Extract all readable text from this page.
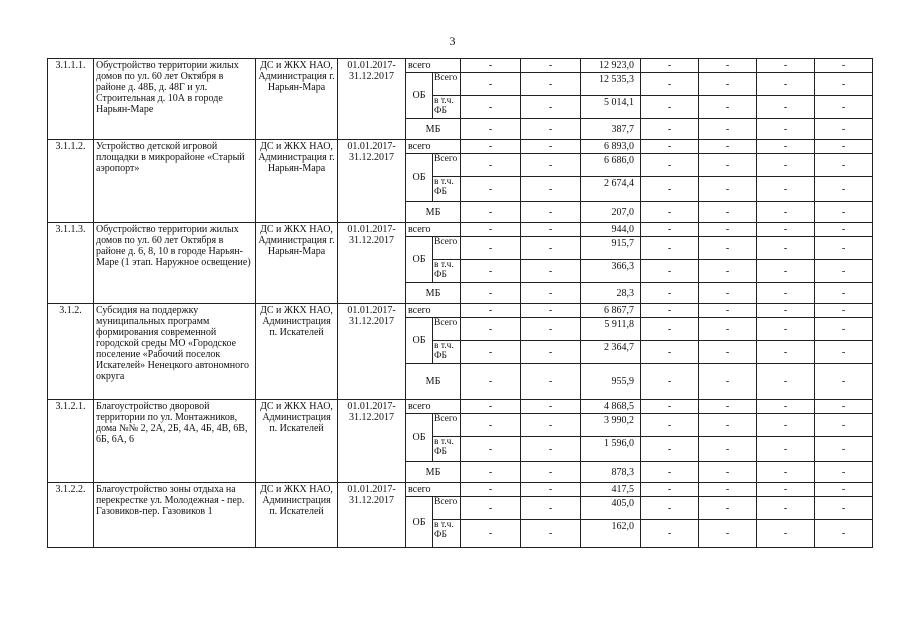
3
3.1.1.1.	Обустройство территории жилых домов по ул. 60 лет Октября в районе д. 48Б, д. 48Г и ул. Строительная д. 10А в городе Нарьян-Маре	ДС и ЖКХ НАО, Администрация г. Нарьян-Мара	01.01.2017-31.12.2017	всего		-	-	12 923,0	-	-	-	-
				ОБ	Всего	-	-	12 535,3	-	-	-	-
					в т.ч. ФБ	-	-	5 014,1	-	-	-	-
				МБ		-	-	387,7	-	-	-	-
3.1.1.2.	Устройство детской игровой площадки в микрорайоне «Старый аэропорт»	ДС и ЖКХ НАО, Администрация г. Нарьян-Мара	01.01.2017-31.12.2017	всего		-	-	6 893,0	-	-	-	-
				ОБ	Всего	-	-	6 686,0	-	-	-	-
					в т.ч. ФБ	-	-	2 674,4	-	-	-	-
				МБ		-	-	207,0	-	-	-	-
3.1.1.3.	Обустройство территории жилых домов по ул. 60 лет Октября в районе д. 6, 8, 10 в городе Нарьян-Маре (1 этап. Наружное освещение)	ДС и ЖКХ НАО, Администрация г. Нарьян-Мара	01.01.2017-31.12.2017	всего		-	-	944,0	-	-	-	-
				ОБ	Всего	-	-	915,7	-	-	-	-
					в т.ч. ФБ	-	-	366,3	-	-	-	-
				МБ		-	-	28,3	-	-	-	-
3.1.2.	Субсидия на поддержку муниципальных программ формирования современной городской среды МО «Городское поселение «Рабочий поселок Искателей» Ненецкого автономного округа	ДС и ЖКХ НАО, Администрация п. Искателей	01.01.2017-31.12.2017	всего		-	-	6 867,7	-	-	-	-
				ОБ	Всего	-	-	5 911,8	-	-	-	-
					в т.ч. ФБ	-	-	2 364,7	-	-	-	-
				МБ		-	-	955,9	-	-	-	-
3.1.2.1.	Благоустройство дворовой территории по ул. Монтажников, дома №№ 2, 2А, 2Б, 4А, 4Б, 4В, 6В, 6Б, 6А, 6	ДС и ЖКХ НАО, Администрация п. Искателей	01.01.2017-31.12.2017	всего		-	-	4 868,5	-	-	-	-
				ОБ	Всего	-	-	3 990,2	-	-	-	-
					в т.ч. ФБ	-	-	1 596,0	-	-	-	-
				МБ		-	-	878,3	-	-	-	-
3.1.2.2.	Благоустройство зоны отдыха на перекрестке ул. Молодежная - пер. Газовиков-пер. Газовиков 1	ДС и ЖКХ НАО, Администрация п. Искателей	01.01.2017-31.12.2017	всего		-	-	417,5	-	-	-	-
				ОБ	Всего	-	-	405,0	-	-	-	-
					в т.ч. ФБ	-	-	162,0	-	-	-	-
